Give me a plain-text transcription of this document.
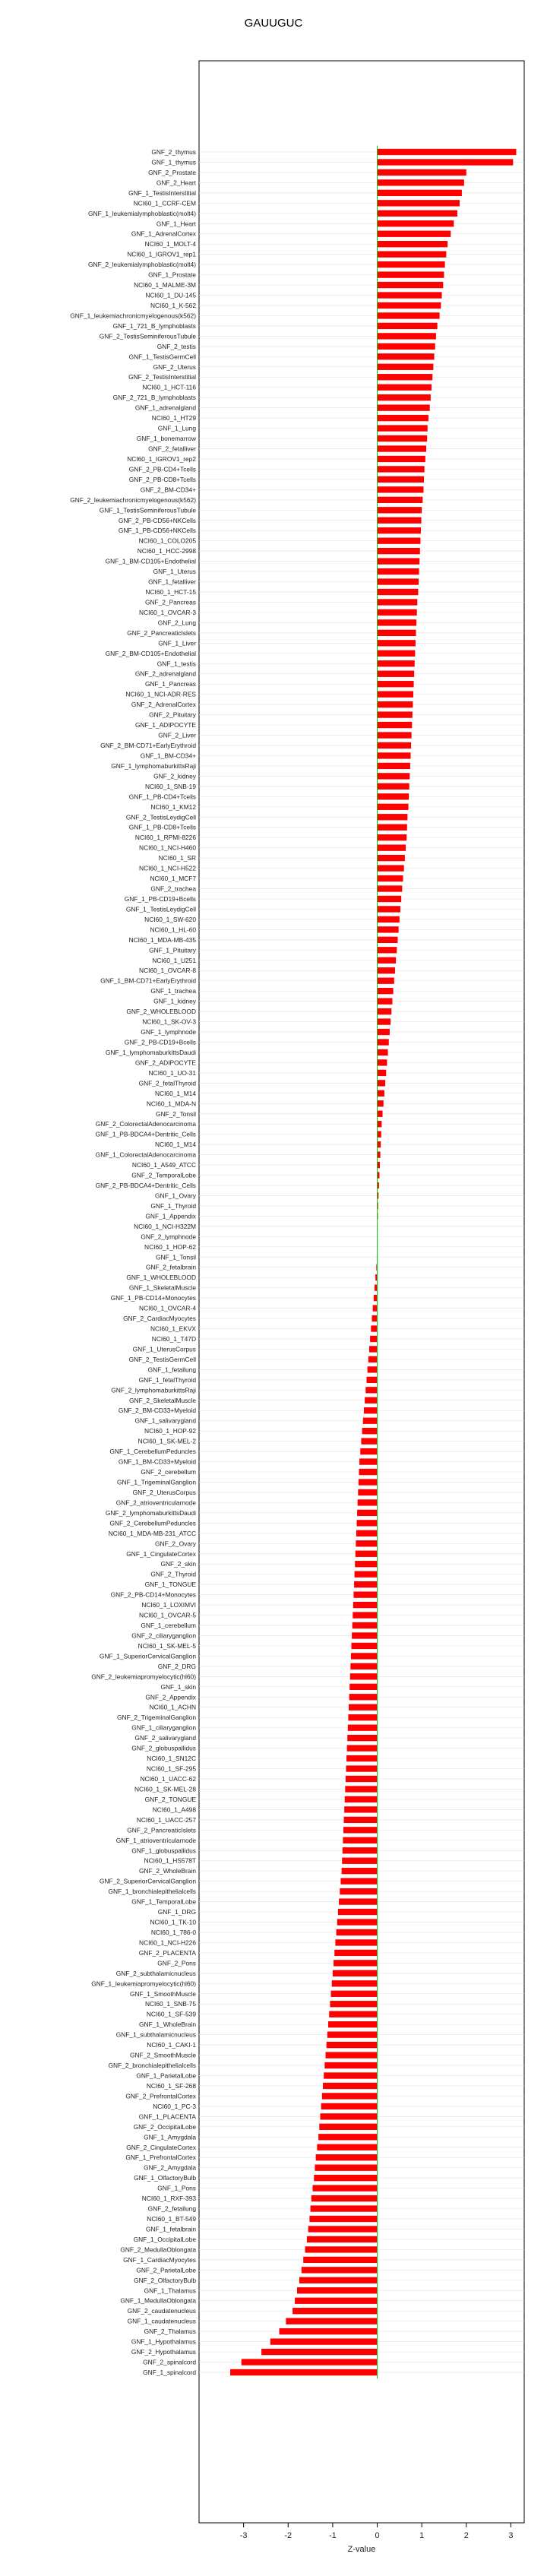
GAUUGUC
GNF_2_thymus
GNF_1_thymus
GNF_2_Prostate
GNF_2_Heart
GNF_1_TestisInterstitial
NCI60_1_CCRF-CEM
GNF_1_leukemialymphoblastic(molt4)
GNF_1_Heart
GNF_1_AdrenalCortex
NCI60_1_MOLT-4
NCI60_1_IGROV1_rep1
GNF_2_leukemialymphoblastic(molt4)
GNF_1_Prostate
NCI60_1_MALME-3M
NCI60_1_DU-145
NCI60_1_K-562
GNF_1_leukemiachronicmyelogenous(k562)
GNF_1_721_B_lymphoblasts
GNF_2_TestisSeminiferousTubule
GNF_2_testis
GNF_1_TestisGermCell
GNF_2_Uterus
GNF_2_TestisInterstitial
NCI60_1_HCT-116
GNF_2_721_B_lymphoblasts
GNF_1_adrenalgland
NCI60_1_HT29
GNF_1_Lung
GNF_1_bonemarrow
GNF_2_fetalliver
NCI60_1_IGROV1_rep2
GNF_2_PB-CD4+Tcells
GNF_2_PB-CD8+Tcells
GNF_2_BM-CD34+
GNF_2_leukemiachronicmyelogenous(k562)
GNF_1_TestisSeminiferousTubule
GNF_2_PB-CD56+NKCells
GNF_1_PB-CD56+NKCells
NCI60_1_COLO205
NCI60_1_HCC-2998
GNF_1_BM-CD105+Endothelial
GNF_1_Uterus
GNF_1_fetalliver
NCI60_1_HCT-15
GNF_2_Pancreas
NCI60_1_OVCAR-3
GNF_2_Lung
GNF_2_PancreaticIslets
GNF_1_Liver
GNF_2_BM-CD105+Endothelial
GNF_1_testis
GNF_2_adrenalgland
GNF_1_Pancreas
NCI60_1_NCI-ADR-RES
GNF_2_AdrenalCortex
GNF_2_Pituitary
GNF_1_ADIPOCYTE
GNF_2_Liver
GNF_2_BM-CD71+EarlyErythroid
GNF_1_BM-CD34+
GNF_1_lymphomaburkittsRaji
GNF_2_kidney
NCI60_1_SNB-19
GNF_1_PB-CD4+Tcells
NCI60_1_KM12
GNF_2_TestisLeydigCell
GNF_1_PB-CD8+Tcells
NCI60_1_RPMI-8226
NCI60_1_NCI-H460
NCI60_1_SR
NCI60_1_NCI-H522
NCI60_1_MCF7
GNF_2_trachea
GNF_1_PB-CD19+Bcells
GNF_1_TestisLeydigCell
NCI60_1_SW-620
NCI60_1_HL-60
NCI60_1_MDA-MB-435
GNF_1_Pituitary
NCI60_1_U251
NCI60_1_OVCAR-8
GNF_1_BM-CD71+EarlyErythroid
GNF_1_trachea
GNF_1_kidney
GNF_2_WHOLEBLOOD
NCI60_1_SK-OV-3
GNF_1_lymphnode
GNF_2_PB-CD19+Bcells
GNF_1_lymphomaburkittsDaudi
GNF_2_ADIPOCYTE
NCI60_1_UO-31
GNF_2_fetalThyroid
NCI60_1_M14
NCI60_1_MDA-N
GNF_2_Tonsil
GNF_2_ColorectalAdenocarcinoma
GNF_1_PB-BDCA4+Dentritic_Cells
NCI60_1_M14
GNF_1_ColorectalAdenocarcinoma
NCI60_1_A549_ATCC
GNF_2_TemporalLobe
GNF_2_PB-BDCA4+Dentritic_Cells
GNF_1_Ovary
GNF_1_Thyroid
GNF_1_Appendix
NCI60_1_NCI-H322M
GNF_2_lymphnode
NCI60_1_HOP-62
GNF_1_Tonsil
GNF_2_fetalbrain
GNF_1_WHOLEBLOOD
GNF_1_SkeletalMuscle
GNF_1_PB-CD14+Monocytes
NCI60_1_OVCAR-4
GNF_2_CardiacMyocytes
NCI60_1_EKVX
NCI60_1_T47D
GNF_1_UterusCorpus
GNF_2_TestisGermCell
GNF_1_fetallung
GNF_1_fetalThyroid
GNF_2_lymphomaburkittsRaji
GNF_2_SkeletalMuscle
GNF_2_BM-CD33+Myeloid
GNF_1_salivarygland
NCI60_1_HOP-92
NCI60_1_SK-MEL-2
GNF_1_CerebellumPeduncles
GNF_1_BM-CD33+Myeloid
GNF_2_cerebellum
GNF_1_TrigeminalGanglion
GNF_2_UterusCorpus
GNF_2_atrioventricularnode
GNF_2_lymphomaburkittsDaudi
GNF_2_CerebellumPeduncles
NCI60_1_MDA-MB-231_ATCC
GNF_2_Ovary
GNF_1_CingulateCortex
GNF_2_skin
GNF_2_Thyroid
GNF_1_TONGUE
GNF_2_PB-CD14+Monocytes
NCI60_1_LOXIMVI
NCI60_1_OVCAR-5
GNF_1_cerebellum
GNF_2_ciliaryganglion
NCI60_1_SK-MEL-5
GNF_1_SuperiorCervicalGanglion
GNF_2_DRG
GNF_2_leukemiapromyelocytic(hl60)
GNF_1_skin
GNF_2_Appendix
NCI60_1_ACHN
GNF_2_TrigeminalGanglion
GNF_1_ciliaryganglion
GNF_2_salivarygland
GNF_2_globuspallidus
NCI60_1_SN12C
NCI60_1_SF-295
NCI60_1_UACC-62
NCI60_1_SK-MEL-28
GNF_2_TONGUE
NCI60_1_A498
NCI60_1_UACC-257
GNF_2_PancreaticIslets
GNF_1_atrioventricularnode
GNF_1_globuspallidus
NCI60_1_HS578T
GNF_2_WholeBrain
GNF_2_SuperiorCervicalGanglion
GNF_1_bronchialepithelialcells
GNF_1_TemporalLobe
GNF_1_DRG
NCI60_1_TK-10
NCI60_1_786-0
NCI60_1_NCI-H226
GNF_2_PLACENTA
GNF_2_Pons
GNF_2_subthalamicnucleus
GNF_1_leukemiapromyelocytic(hl60)
GNF_1_SmoothMuscle
NCI60_1_SNB-75
NCI60_1_SF-539
GNF_1_WholeBrain
GNF_1_subthalamicnucleus
NCI60_1_CAKI-1
GNF_2_SmoothMuscle
GNF_2_bronchialepithelialcells
GNF_1_ParietalLobe
NCI60_1_SF-268
GNF_2_PrefrontalCortex
NCI60_1_PC-3
GNF_1_PLACENTA
GNF_2_OccipitalLobe
GNF_1_Amygdala
GNF_2_CingulateCortex
GNF_1_PrefrontalCortex
GNF_2_Amygdala
GNF_1_OlfactoryBulb
GNF_1_Pons
NCI60_1_RXF-393
GNF_2_fetallung
NCI60_1_BT-549
GNF_1_fetalbrain
GNF_1_OccipitalLobe
GNF_2_MedullaOblongata
GNF_1_CardiacMyocytes
GNF_2_ParietalLobe
GNF_2_OlfactoryBulb
GNF_1_Thalamus
GNF_1_MedullaOblongata
GNF_2_caudatenucleus
GNF_1_caudatenucleus
GNF_2_Thalamus
GNF_1_Hypothalamus
GNF_2_Hypothalamus
GNF_2_spinalcord
GNF_1_spinalcord
-3	-2	-1	0	1	2	3
Z-value
